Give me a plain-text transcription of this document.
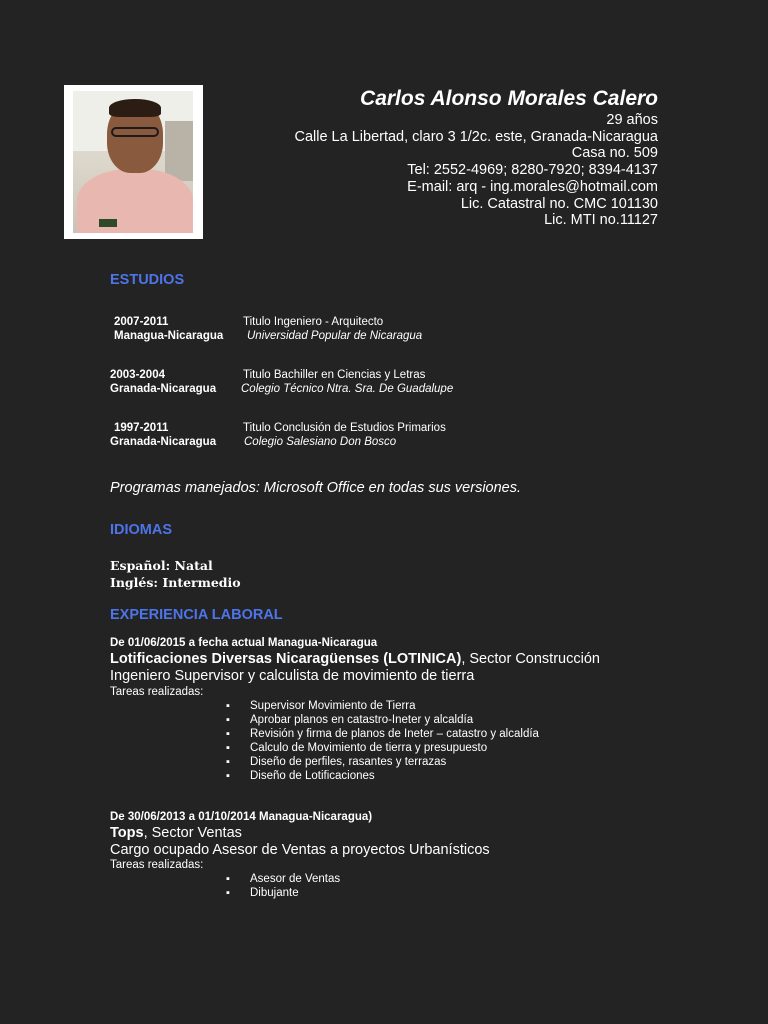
Carlos Alonso Morales Calero
29 años
Calle La Libertad, claro 3 1/2c. este, Granada-Nicaragua
Casa no. 509
Tel: 2552-4969; 8280-7920; 8394-4137
E-mail: arq - ing.morales@hotmail.com
Lic. Catastral no. CMC 101130
Lic. MTI no.11127
ESTUDIOS
2007-2011
Managua-Nicaragua
Titulo Ingeniero - Arquitecto
Universidad Popular de Nicaragua
2003-2004
Granada-Nicaragua
Titulo Bachiller en Ciencias y Letras
Colegio Técnico Ntra. Sra. De Guadalupe
1997-2011
Granada-Nicaragua
Titulo Conclusión de Estudios Primarios
Colegio Salesiano Don Bosco
Programas manejados: Microsoft Office en todas sus versiones.
IDIOMAS
Español: Natal
Inglés: Intermedio
EXPERIENCIA LABORAL
De 01/06/2015 a fecha actual Managua-Nicaragua
Lotificaciones Diversas Nicaragüenses (LOTINICA), Sector Construcción
Ingeniero Supervisor y calculista de movimiento de tierra
Tareas realizadas:
▪ Supervisor Movimiento de Tierra
▪ Aprobar planos en catastro-Ineter y alcaldía
▪ Revisión y firma de planos de Ineter – catastro y alcaldía
▪ Calculo de Movimiento de tierra y presupuesto
▪ Diseño de perfiles, rasantes y terrazas
▪ Diseño de Lotificaciones
De 30/06/2013 a 01/10/2014 Managua-Nicaragua)
Tops, Sector Ventas
Cargo ocupado Asesor de Ventas a proyectos Urbanísticos
Tareas realizadas:
▪ Asesor de Ventas
▪ Dibujante
